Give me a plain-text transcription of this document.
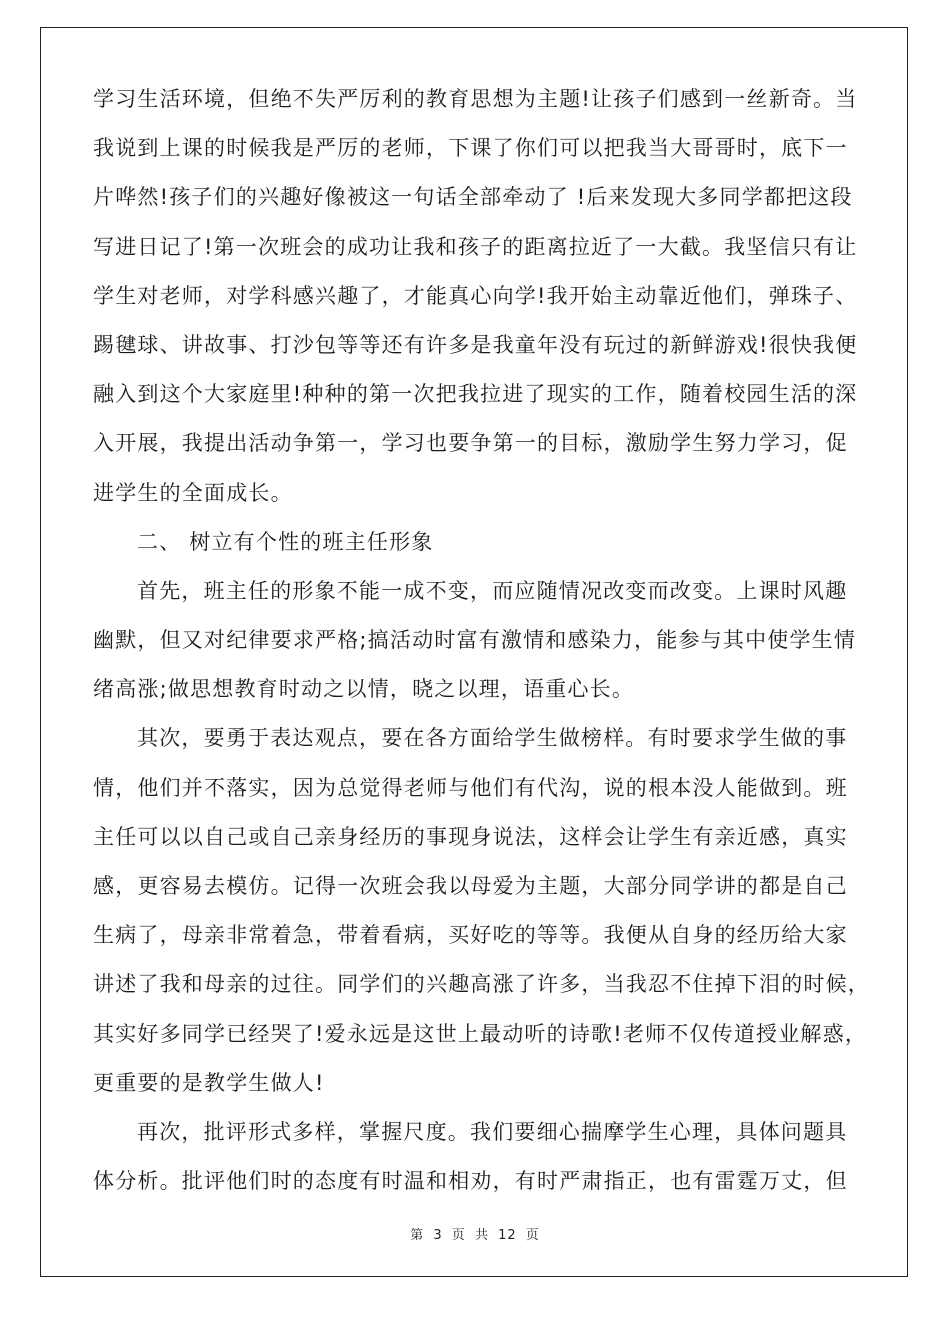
学习生活环境，但绝不失严厉利的教育思想为主题!让孩子们感到一丝新奇。当
我说到上课的时候我是严厉的老师，下课了你们可以把我当大哥哥时，底下一
片哗然!孩子们的兴趣好像被这一句话全部牵动了 !后来发现大多同学都把这段
写进日记了!第一次班会的成功让我和孩子的距离拉近了一大截。我坚信只有让
学生对老师，对学科感兴趣了，才能真心向学!我开始主动靠近他们，弹珠子、
踢毽球、讲故事、打沙包等等还有许多是我童年没有玩过的新鲜游戏!很快我便
融入到这个大家庭里!种种的第一次把我拉进了现实的工作，随着校园生活的深
入开展，我提出活动争第一，学习也要争第一的目标，激励学生努力学习，促
进学生的全面成长。
二、 树立有个性的班主任形象
首先，班主任的形象不能一成不变，而应随情况改变而改变。上课时风趣
幽默，但又对纪律要求严格;搞活动时富有激情和感染力，能参与其中使学生情
绪高涨;做思想教育时动之以情，晓之以理，语重心长。
其次，要勇于表达观点，要在各方面给学生做榜样。有时要求学生做的事
情，他们并不落实，因为总觉得老师与他们有代沟，说的根本没人能做到。班
主任可以以自己或自己亲身经历的事现身说法，这样会让学生有亲近感，真实
感，更容易去模仿。记得一次班会我以母爱为主题，大部分同学讲的都是自己
生病了，母亲非常着急，带着看病，买好吃的等等。我便从自身的经历给大家
讲述了我和母亲的过往。同学们的兴趣高涨了许多，当我忍不住掉下泪的时候，
其实好多同学已经哭了!爱永远是这世上最动听的诗歌!老师不仅传道授业解惑，
更重要的是教学生做人!
再次，批评形式多样，掌握尺度。我们要细心揣摩学生心理，具体问题具
体分析。批评他们时的态度有时温和相劝，有时严肃指正，也有雷霆万丈，但
第 3 页 共 12 页
